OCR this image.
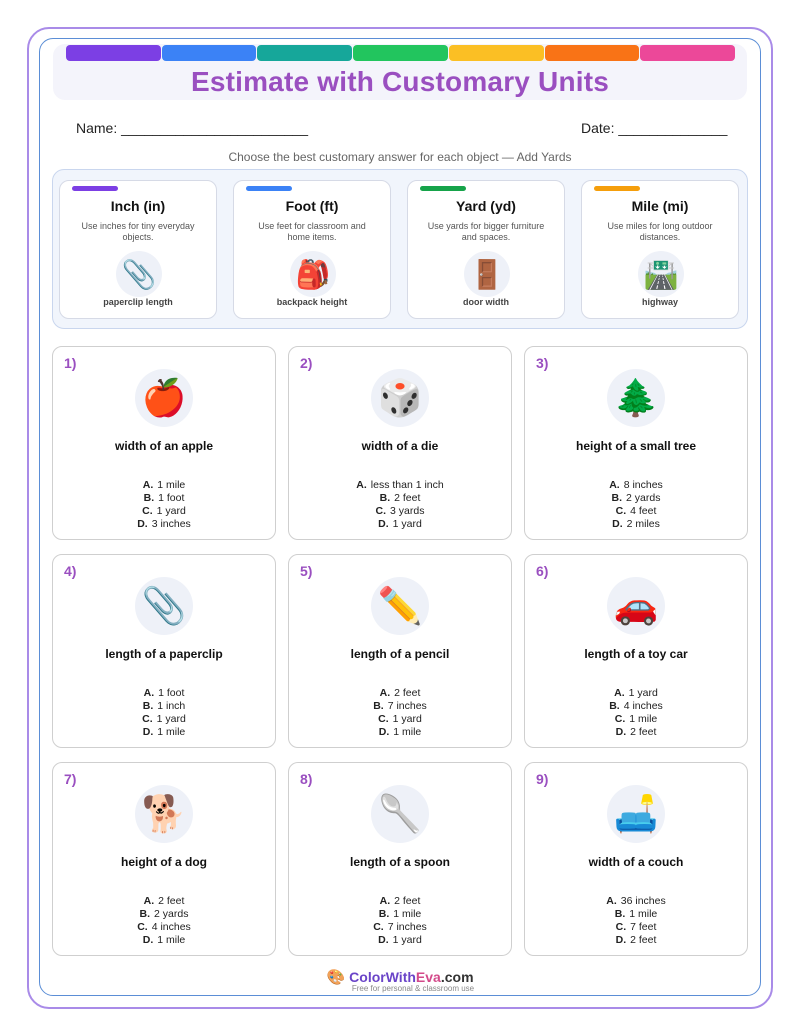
Estimate with Customary Units
Name: ________________________	Date: ______________
Choose the best customary answer for each object — Add Yards
Inch (in)
Use inches for tiny everyday objects.
📎
paperclip length
Foot (ft)
Use feet for classroom and home items.
🎒
backpack height
Yard (yd)
Use yards for bigger furniture and spaces.
🚪
door width
Mile (mi)
Use miles for long outdoor distances.
🛣️
highway
1)
🍎
width of an apple
A. 1 mile
B. 1 foot
C. 1 yard
D. 3 inches
2)
🎲
width of a die
A. less than 1 inch
B. 2 feet
C. 3 yards
D. 1 yard
3)
🌲
height of a small tree
A. 8 inches
B. 2 yards
C. 4 feet
D. 2 miles
4)
📎
length of a paperclip
A. 1 foot
B. 1 inch
C. 1 yard
D. 1 mile
5)
✏️
length of a pencil
A. 2 feet
B. 7 inches
C. 1 yard
D. 1 mile
6)
🚗
length of a toy car
A. 1 yard
B. 4 inches
C. 1 mile
D. 2 feet
7)
🐕
height of a dog
A. 2 feet
B. 2 yards
C. 4 inches
D. 1 mile
8)
🥄
length of a spoon
A. 2 feet
B. 1 mile
C. 7 inches
D. 1 yard
9)
🛋️
width of a couch
A. 36 inches
B. 1 mile
C. 7 feet
D. 2 feet
🎨 ColorWithEva.com
Free for personal & classroom use
